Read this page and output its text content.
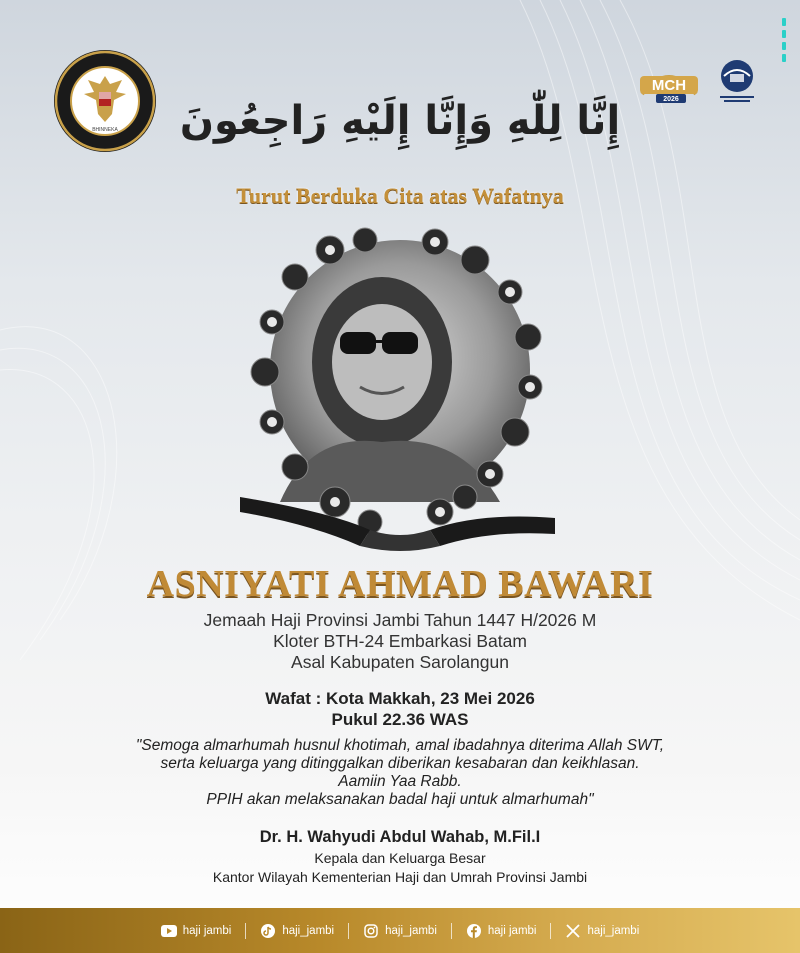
BHINNEKA
MCH
2026
إِنَّا لِلّٰهِ وَإِنَّا إِلَيْهِ رَاجِعُونَ
Turut Berduka Cita atas Wafatnya
ASNIYATI AHMAD BAWARI
Jemaah Haji Provinsi Jambi Tahun 1447 H/2026 M
Kloter BTH-24 Embarkasi Batam
Asal Kabupaten Sarolangun
Wafat : Kota Makkah, 23 Mei 2026
Pukul 22.36 WAS
"Semoga almarhumah husnul khotimah, amal ibadahnya diterima Allah SWT,
serta keluarga yang ditinggalkan diberikan kesabaran dan keikhlasan.
Aamiin Yaa Rabb.
PPIH akan melaksanakan badal haji untuk almarhumah"
Dr. H. Wahyudi Abdul Wahab, M.Fil.I
Kepala dan Keluarga Besar
Kantor Wilayah Kementerian Haji dan Umrah Provinsi Jambi
haji jambi	haji_jambi	haji_jambi	haji jambi	haji_jambi
